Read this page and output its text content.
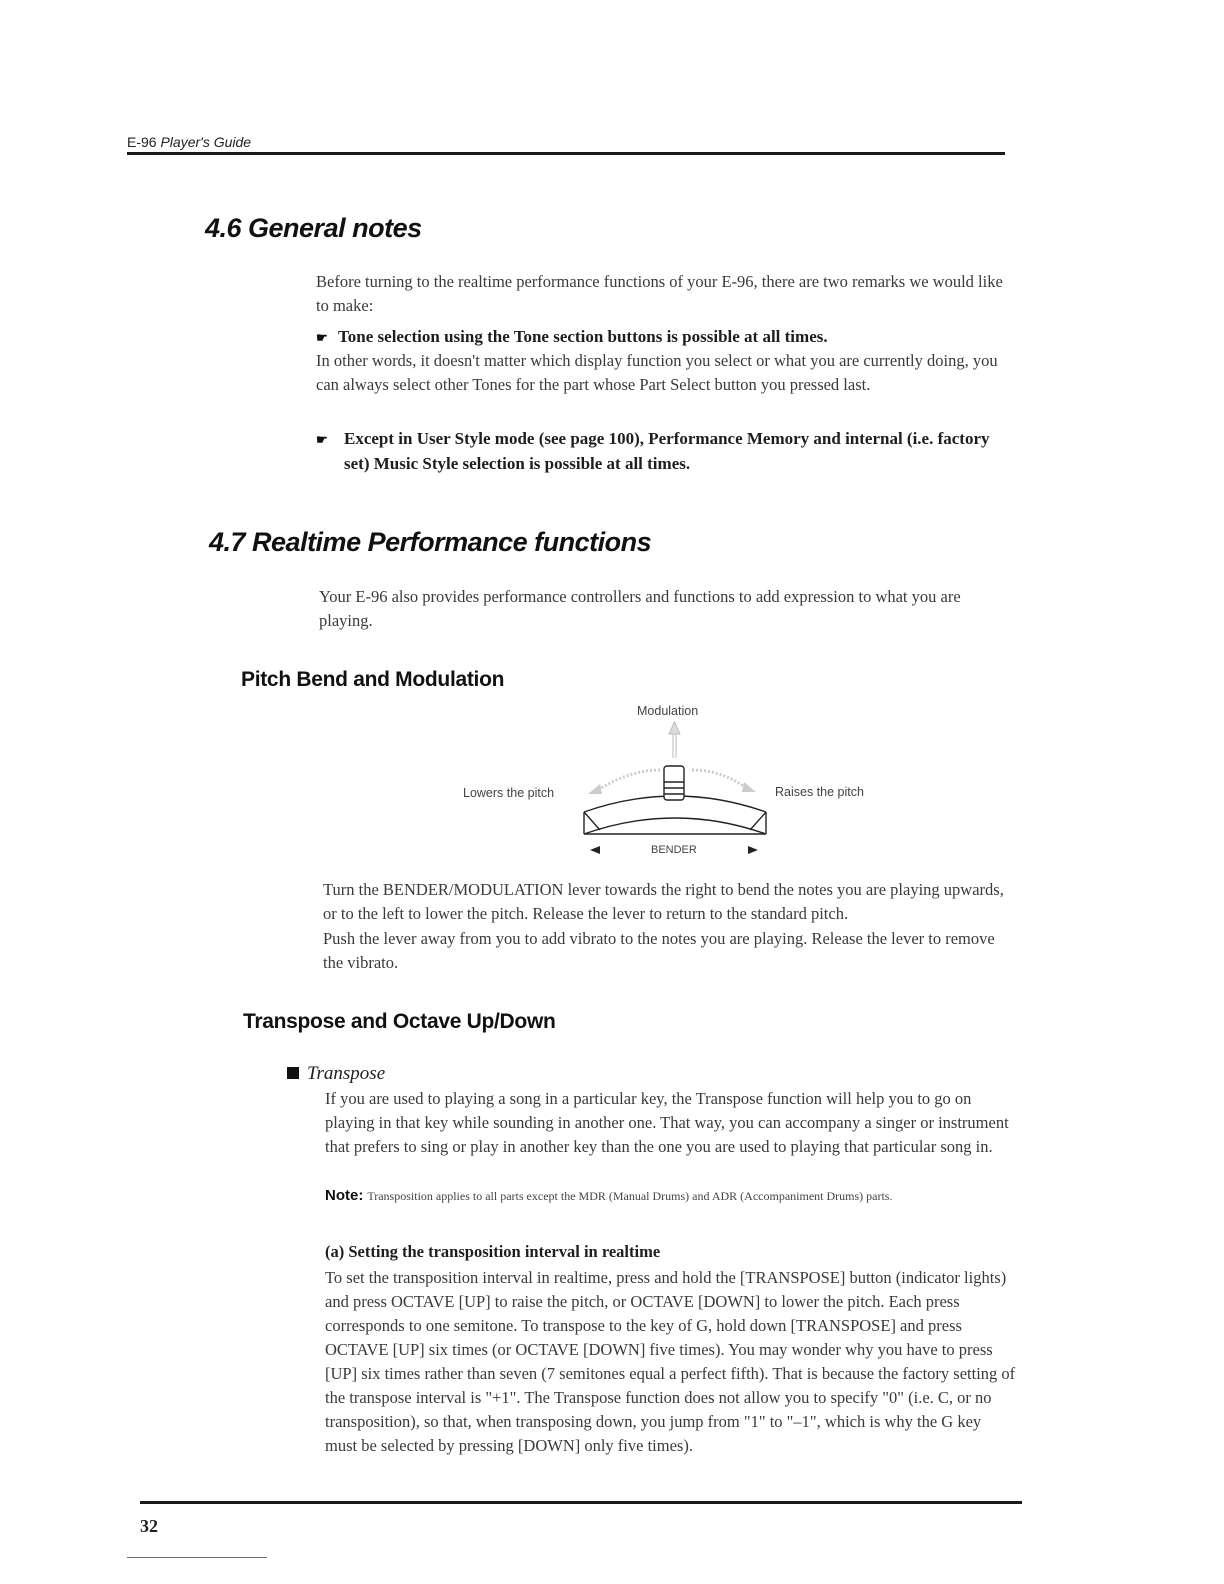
E-96 Player's Guide
4.6 General notes
Before turning to the realtime performance functions of your E-96, there are two remarks we would like to make:
☛ Tone selection using the Tone section buttons is possible at all times.
In other words, it doesn't matter which display function you select or what you are currently doing, you can always select other Tones for the part whose Part Select button you pressed last.
☛ Except in User Style mode (see page 100), Performance Memory and internal (i.e. factory set) Music Style selection is possible at all times.
4.7 Realtime Performance functions
Your E-96 also provides performance controllers and functions to add expression to what you are playing.
Pitch Bend and Modulation
Modulation
Lowers the pitch	Raises the pitch
BENDER
Turn the BENDER/MODULATION lever towards the right to bend the notes you are playing upwards, or to the left to lower the pitch. Release the lever to return to the standard pitch.
Push the lever away from you to add vibrato to the notes you are playing. Release the lever to remove the vibrato.
Transpose and Octave Up/Down
Transpose
If you are used to playing a song in a particular key, the Transpose function will help you to go on playing in that key while sounding in another one. That way, you can accompany a singer or instrument that prefers to sing or play in another key than the one you are used to playing that particular song in.
Note: Transposition applies to all parts except the MDR (Manual Drums) and ADR (Accompaniment Drums) parts.
(a) Setting the transposition interval in realtime
To set the transposition interval in realtime, press and hold the [TRANSPOSE] button (indicator lights) and press OCTAVE [UP] to raise the pitch, or OCTAVE [DOWN] to lower the pitch. Each press corresponds to one semitone. To transpose to the key of G, hold down [TRANSPOSE] and press OCTAVE [UP] six times (or OCTAVE [DOWN] five times). You may wonder why you have to press [UP] six times rather than seven (7 semitones equal a perfect fifth). That is because the factory setting of the transpose interval is "+1". The Transpose function does not allow you to specify "0" (i.e. C, or no transposition), so that, when transposing down, you jump from "1" to "–1", which is why the G key must be selected by pressing [DOWN] only five times).
32
